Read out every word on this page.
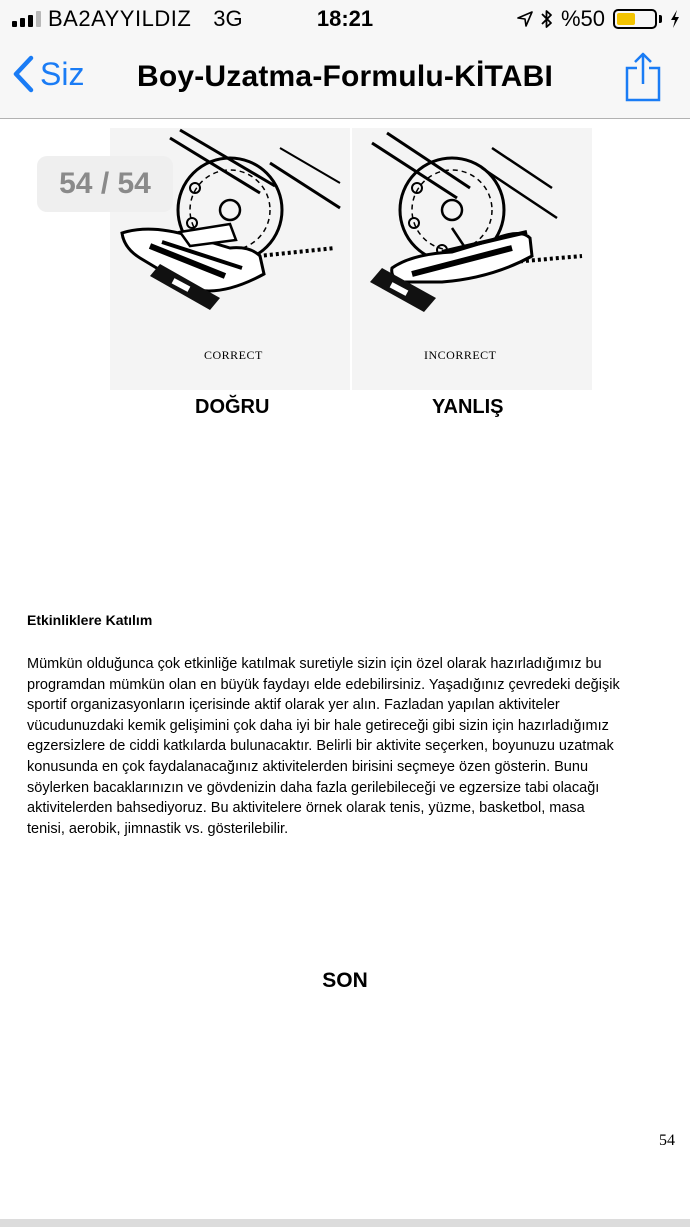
BA2AYYILDIZ 3G	18:21	%50
Siz	Boy-Uzatma-Formulu-KİTABI
CORRECT
DOĞRU
INCORRECT
YANLIŞ
54 / 54
Etkinliklere Katılım
Mümkün olduğunca çok etkinliğe katılmak suretiyle sizin için özel olarak hazırladığımız bu
programdan mümkün olan en büyük faydayı elde edebilirsiniz. Yaşadığınız çevredeki değişik
sportif organizasyonların içerisinde aktif olarak yer alın. Fazladan yapılan aktiviteler
vücudunuzdaki kemik gelişimini çok daha iyi bir hale getireceği gibi sizin için hazırladığımız
egzersizlere de ciddi katkılarda bulunacaktır. Belirli bir aktivite seçerken, boyunuzu uzatmak
konusunda en çok faydalanacağınız aktivitelerden birisini seçmeye özen gösterin. Bunu
söylerken bacaklarınızın ve gövdenizin daha fazla gerilebileceği ve egzersize tabi olacağı
aktivitelerden bahsediyoruz. Bu aktivitelere örnek olarak tenis, yüzme, basketbol, masa
tenisi, aerobik, jimnastik vs. gösterilebilir.
SON
54
